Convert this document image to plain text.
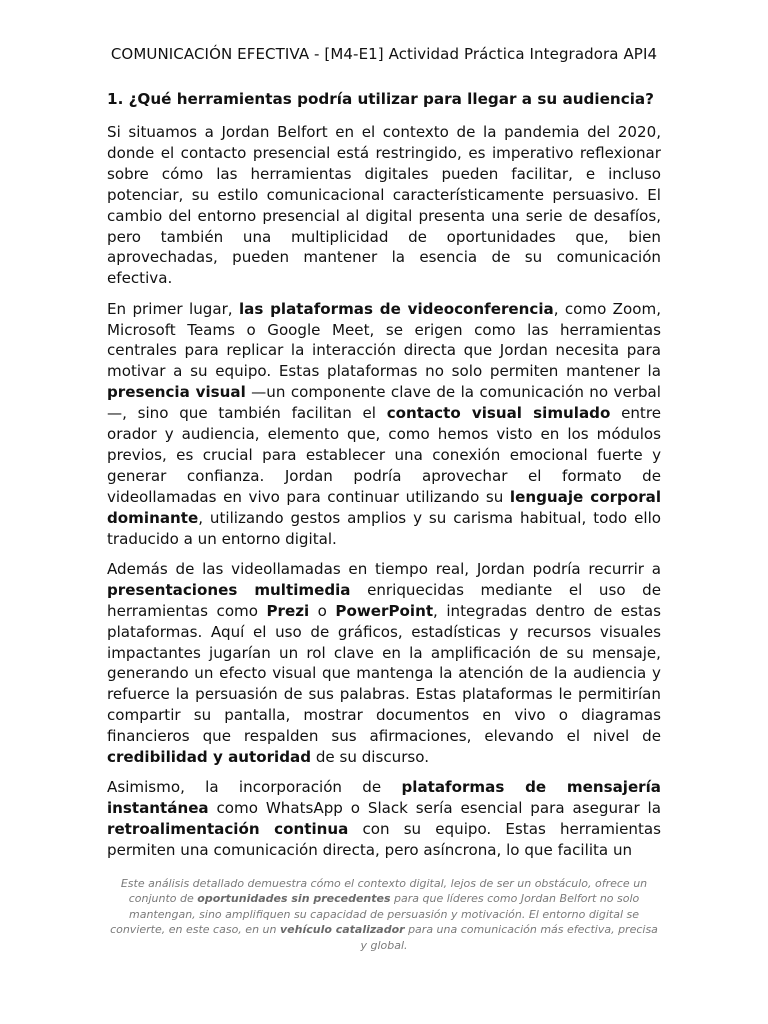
COMUNICACIÓN EFECTIVA - [M4-E1] Actividad Práctica Integradora API4
1. ¿Qué herramientas podría utilizar para llegar a su audiencia?

Si situamos a Jordan Belfort en el contexto de la pandemia del 2020, donde el contacto presencial está restringido, es imperativo reflexionar sobre cómo las herramientas digitales pueden facilitar, e incluso potenciar, su estilo comunicacional característicamente persuasivo. El cambio del entorno presencial al digital presenta una serie de desafíos, pero también una multiplicidad de oportunidades que, bien aprovechadas, pueden mantener la esencia de su comunicación efectiva.

En primer lugar, las plataformas de videoconferencia, como Zoom, Microsoft Teams o Google Meet, se erigen como las herramientas centrales para replicar la interacción directa que Jordan necesita para motivar a su equipo. Estas plataformas no solo permiten mantener la presencia visual —un componente clave de la comunicación no verbal—, sino que también facilitan el contacto visual simulado entre orador y audiencia, elemento que, como hemos visto en los módulos previos, es crucial para establecer una conexión emocional fuerte y generar confianza. Jordan podría aprovechar el formato de videollamadas en vivo para continuar utilizando su lenguaje corporal dominante, utilizando gestos amplios y su carisma habitual, todo ello traducido a un entorno digital.

Además de las videollamadas en tiempo real, Jordan podría recurrir a presentaciones multimedia enriquecidas mediante el uso de herramientas como Prezi o PowerPoint, integradas dentro de estas plataformas. Aquí el uso de gráficos, estadísticas y recursos visuales impactantes jugarían un rol clave en la amplificación de su mensaje, generando un efecto visual que mantenga la atención de la audiencia y refuerce la persuasión de sus palabras. Estas plataformas le permitirían compartir su pantalla, mostrar documentos en vivo o diagramas financieros que respalden sus afirmaciones, elevando el nivel de credibilidad y autoridad de su discurso.

Asimismo, la incorporación de plataformas de mensajería instantánea como WhatsApp o Slack sería esencial para asegurar la retroalimentación continua con su equipo. Estas herramientas permiten una comunicación directa, pero asíncrona, lo que facilita un

Este análisis detallado demuestra cómo el contexto digital, lejos de ser un obstáculo, ofrece un conjunto de oportunidades sin precedentes para que líderes como Jordan Belfort no solo mantengan, sino amplifiquen su capacidad de persuasión y motivación. El entorno digital se convierte, en este caso, en un vehículo catalizador para una comunicación más efectiva, precisa y global.
